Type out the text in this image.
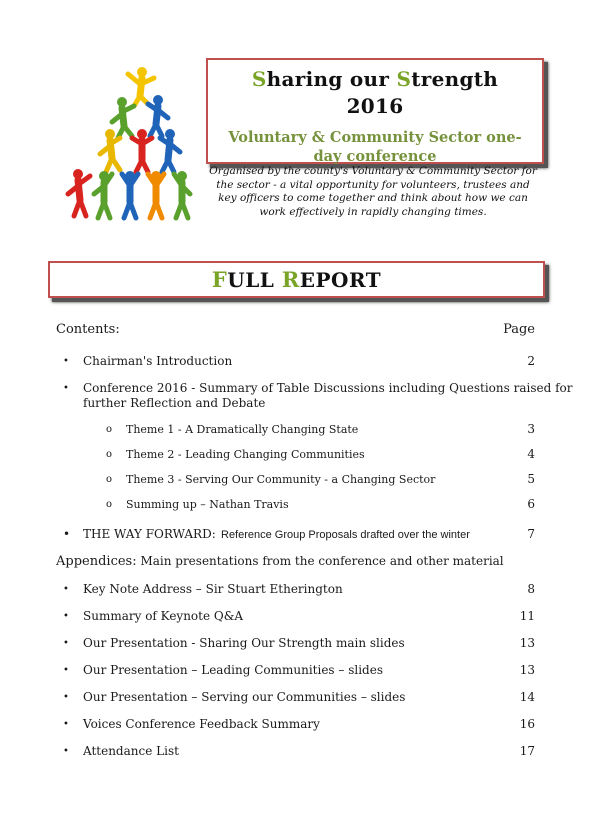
Sharing our Strength
2016
Voluntary & Community Sector one-day conference
Organised by the county's Voluntary & Community Sector for the sector - a vital opportunity for volunteers, trustees and key officers to come together and think about how we can work effectively in rapidly changing times.
FULL REPORT
Contents:	Page
• Chairman's Introduction	2
• Conference 2016 - Summary of Table Discussions including Questions raised for
further Reflection and Debate
o Theme 1 - A Dramatically Changing State	3
o Theme 2 - Leading Changing Communities	4
o Theme 3 - Serving Our Community - a Changing Sector	5
o Summing up – Nathan Travis	6
• THE WAY FORWARD: Reference Group Proposals drafted over the winter	7
Appendices: Main presentations from the conference and other material
• Key Note Address – Sir Stuart Etherington	8
• Summary of Keynote Q&A	11
• Our Presentation - Sharing Our Strength main slides	13
• Our Presentation – Leading Communities – slides	13
• Our Presentation – Serving our Communities – slides	14
• Voices Conference Feedback Summary	16
• Attendance List	17
